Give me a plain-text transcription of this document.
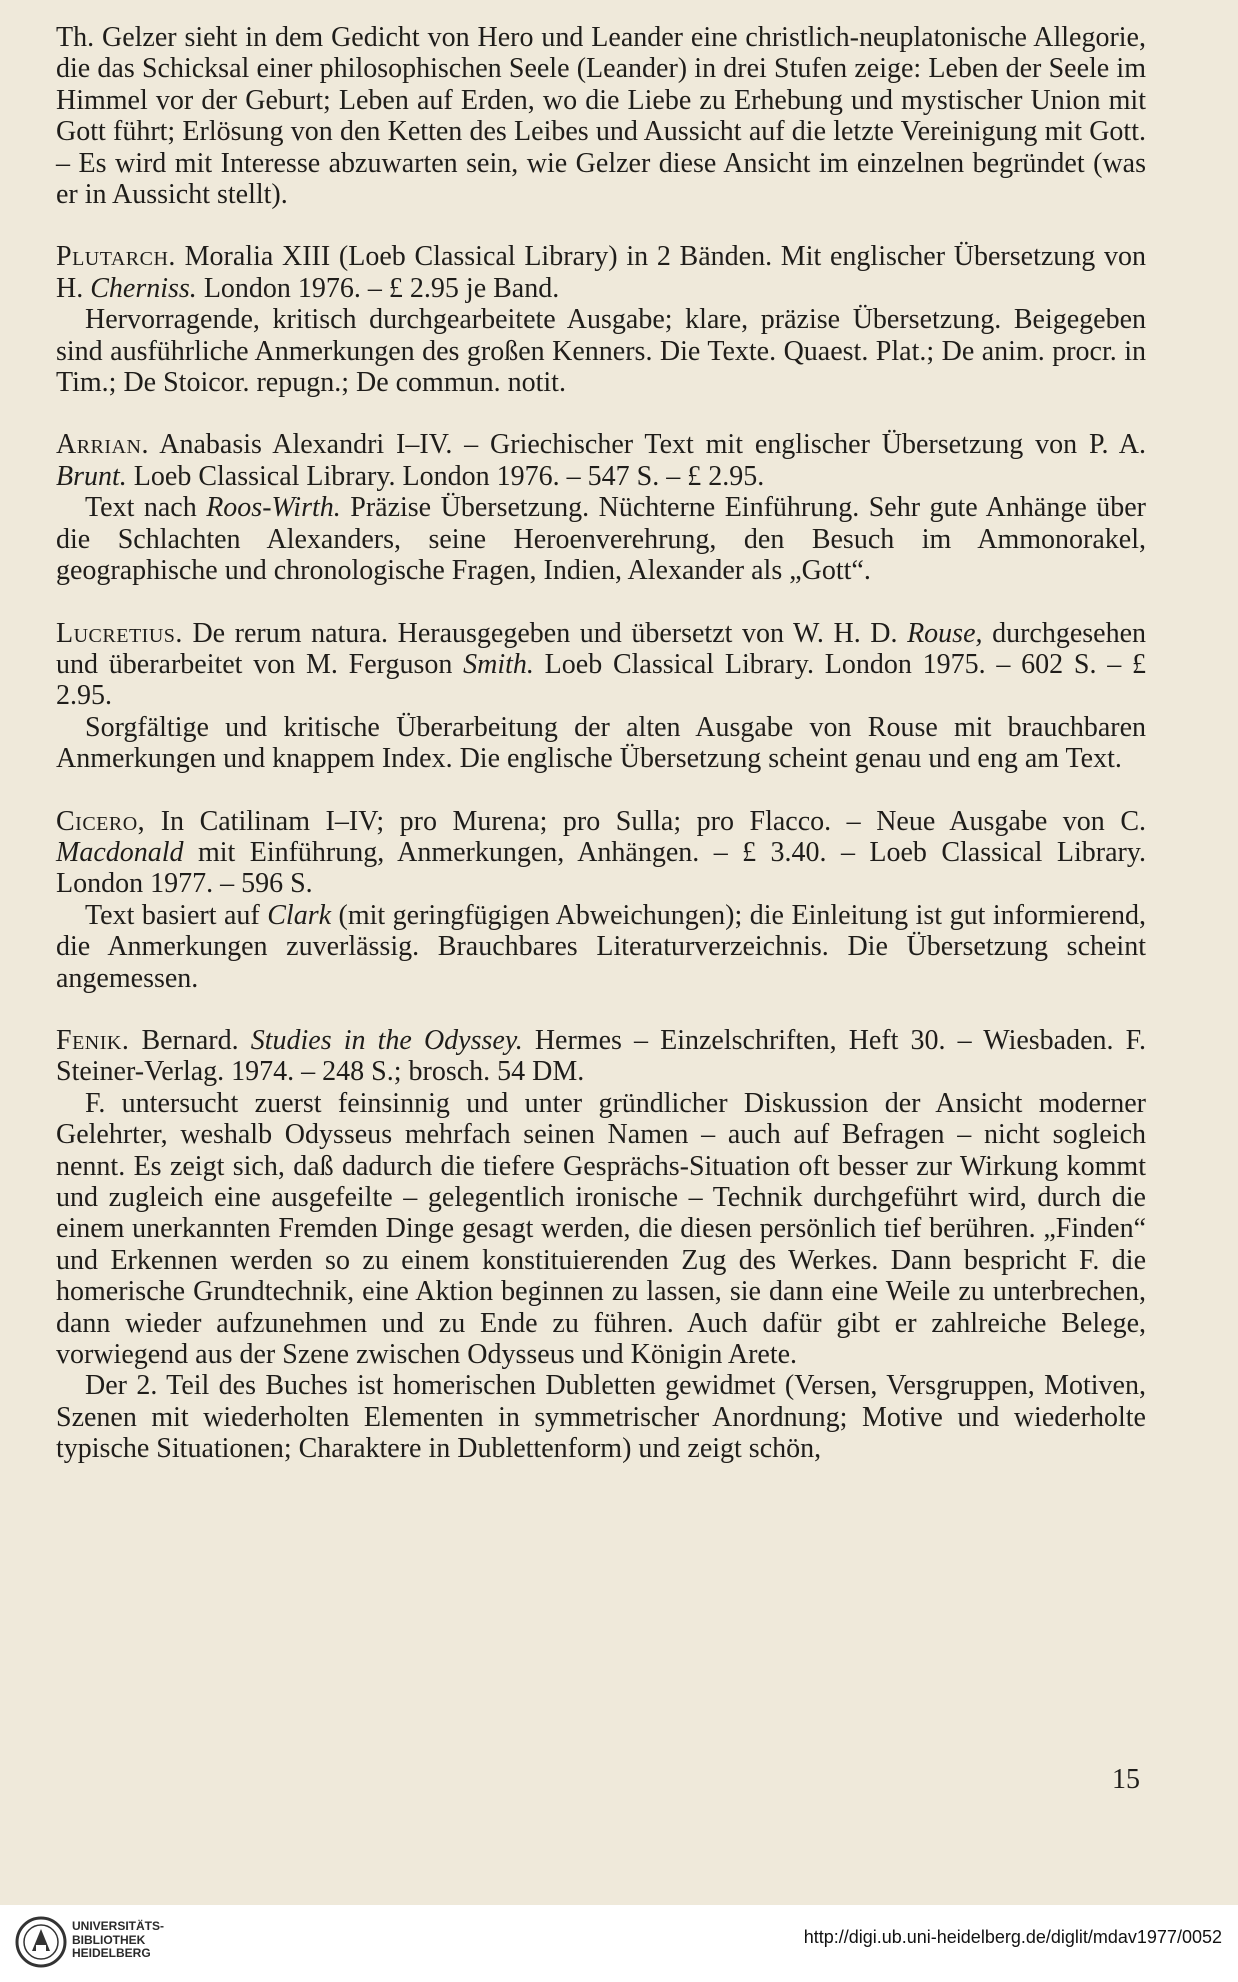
Th. Gelzer sieht in dem Gedicht von Hero und Leander eine christlich-neuplatonische Allegorie, die das Schicksal einer philosophischen Seele (Leander) in drei Stufen zeige: Leben der Seele im Himmel vor der Geburt; Leben auf Erden, wo die Liebe zu Erhebung und mystischer Union mit Gott führt; Erlösung von den Ketten des Leibes und Aussicht auf die letzte Vereinigung mit Gott. – Es wird mit Interesse abzuwarten sein, wie Gelzer diese Ansicht im einzelnen begründet (was er in Aussicht stellt).

Plutarch. Moralia XIII (Loeb Classical Library) in 2 Bänden. Mit englischer Übersetzung von H. Cherniss. London 1976. – £ 2.95 je Band.

Hervorragende, kritisch durchgearbeitete Ausgabe; klare, präzise Übersetzung. Beigegeben sind ausführliche Anmerkungen des großen Kenners. Die Texte. Quaest. Plat.; De anim. procr. in Tim.; De Stoicor. repugn.; De commun. notit.

Arrian. Anabasis Alexandri I–IV. – Griechischer Text mit englischer Übersetzung von P. A. Brunt. Loeb Classical Library. London 1976. – 547 S. – £ 2.95.

Text nach Roos-Wirth. Präzise Übersetzung. Nüchterne Einführung. Sehr gute Anhänge über die Schlachten Alexanders, seine Heroenverehrung, den Besuch im Ammonorakel, geographische und chronologische Fragen, Indien, Alexander als „Gott“.

Lucretius. De rerum natura. Herausgegeben und übersetzt von W. H. D. Rouse, durchgesehen und überarbeitet von M. Ferguson Smith. Loeb Classical Library. London 1975. – 602 S. – £ 2.95.

Sorgfältige und kritische Überarbeitung der alten Ausgabe von Rouse mit brauchbaren Anmerkungen und knappem Index. Die englische Übersetzung scheint genau und eng am Text.

Cicero, In Catilinam I–IV; pro Murena; pro Sulla; pro Flacco. – Neue Ausgabe von C. Macdonald mit Einführung, Anmerkungen, Anhängen. – £ 3.40. – Loeb Classical Library. London 1977. – 596 S.

Text basiert auf Clark (mit geringfügigen Abweichungen); die Einleitung ist gut informierend, die Anmerkungen zuverlässig. Brauchbares Literaturverzeichnis. Die Übersetzung scheint angemessen.

Fenik. Bernard. Studies in the Odyssey. Hermes – Einzelschriften, Heft 30. – Wiesbaden. F. Steiner-Verlag. 1974. – 248 S.; brosch. 54 DM.

F. untersucht zuerst feinsinnig und unter gründlicher Diskussion der Ansicht moderner Gelehrter, weshalb Odysseus mehrfach seinen Namen – auch auf Befragen – nicht sogleich nennt. Es zeigt sich, daß dadurch die tiefere Gesprächs-Situation oft besser zur Wirkung kommt und zugleich eine ausgefeilte – gelegentlich ironische – Technik durchgeführt wird, durch die einem unerkannten Fremden Dinge gesagt werden, die diesen persönlich tief berühren. „Finden“ und Erkennen werden so zu einem konstituierenden Zug des Werkes. Dann bespricht F. die homerische Grundtechnik, eine Aktion beginnen zu lassen, sie dann eine Weile zu unterbrechen, dann wieder aufzunehmen und zu Ende zu führen. Auch dafür gibt er zahlreiche Belege, vorwiegend aus der Szene zwischen Odysseus und Königin Arete.

Der 2. Teil des Buches ist homerischen Dubletten gewidmet (Versen, Versgruppen, Motiven, Szenen mit wiederholten Elementen in symmetrischer Anordnung; Motive und wiederholte typische Situationen; Charaktere in Dublettenform) und zeigt schön,

15
UNIVERSITÄTS-
BIBLIOTHEK
HEIDELBERG
http://digi.ub.uni-heidelberg.de/diglit/mdav1977/0052
